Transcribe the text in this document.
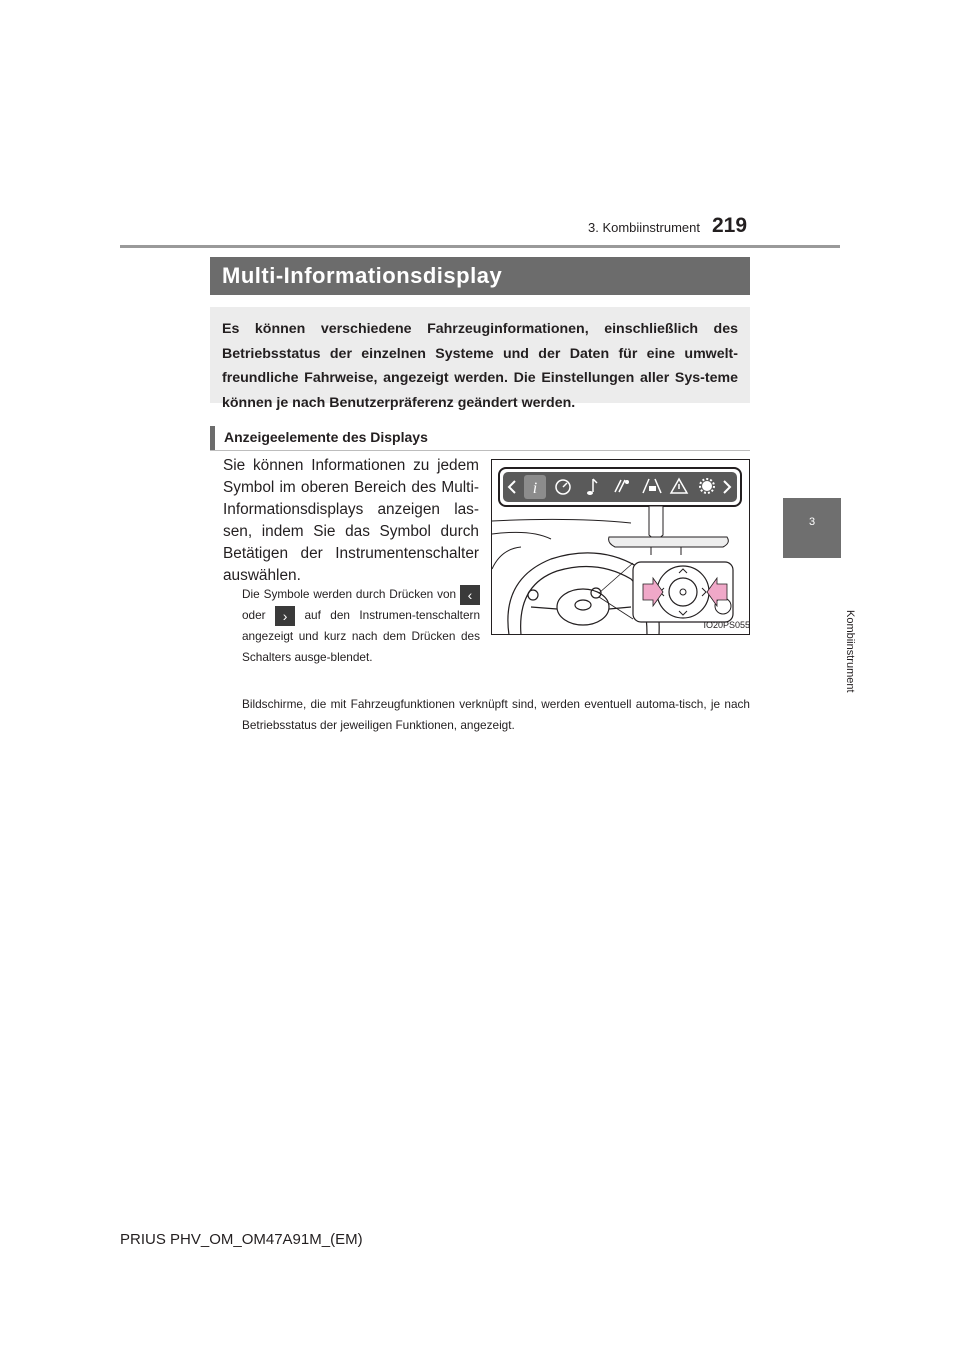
3. Kombiinstrument 219
3
Kombiinstrument
Multi-Informationsdisplay

Es können verschiedene Fahrzeuginformationen, einschließlich des Betriebsstatus der einzelnen Systeme und der Daten für eine umwelt-freundliche Fahrweise, angezeigt werden. Die Einstellungen aller Sys-teme können je nach Benutzerpräferenz geändert werden.

Anzeigeelemente des Displays

Sie können Informationen zu jedem Symbol im oberen Bereich des Multi-Informationsdisplays anzeigen las-sen, indem Sie das Symbol durch Betätigen der Instrumentenschalter auswählen.

Die Symbole werden durch Drücken von ‹ oder › auf den Instrumen-tenschaltern angezeigt und kurz nach dem Drücken des Schalters ausge-blendet.

Bildschirme, die mit Fahrzeugfunktionen verknüpft sind, werden eventuell automa-tisch, je nach Betriebsstatus der jeweiligen Funktionen, angezeigt.

i
IO20PS055
PRIUS PHV_OM_OM47A91M_(EM)
